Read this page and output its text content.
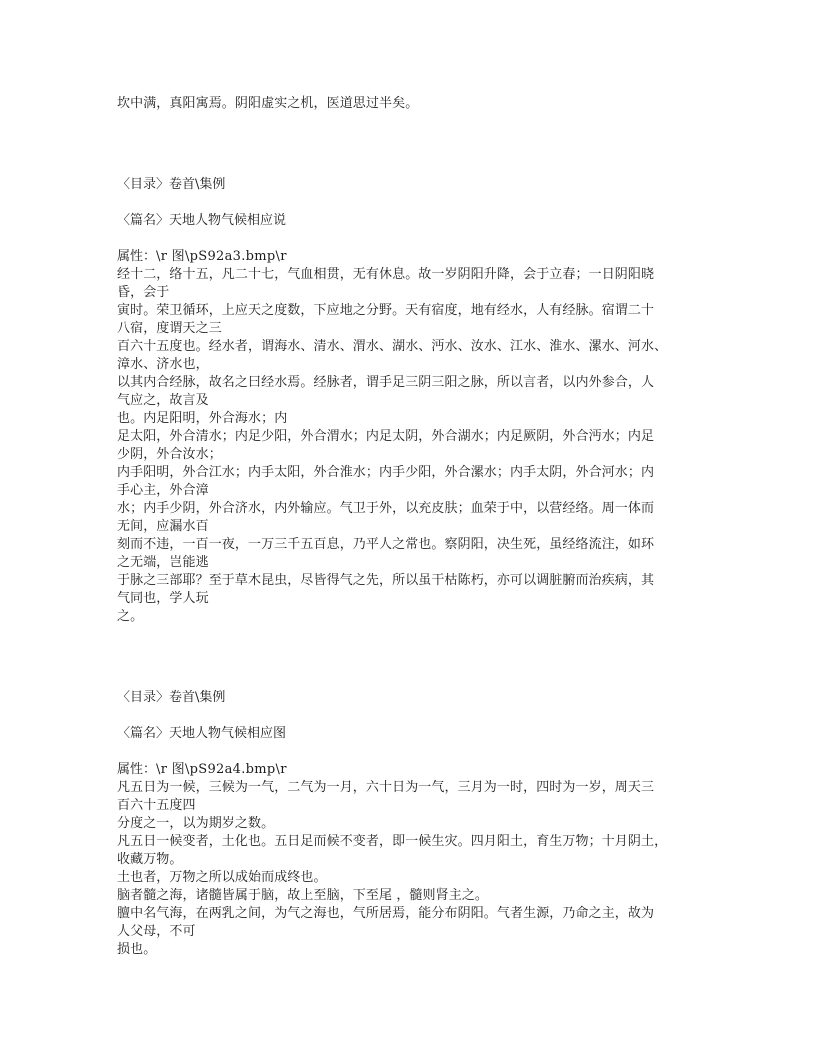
坎中满，真阳寓焉。阴阳虚实之机，医道思过半矣。
〈目录〉卷首\集例
〈篇名〉天地人物气候相应说
属性：\r 图\pS92a3.bmp\r
经十二，络十五，凡二十七，气血相贯，无有休息。故一岁阴阳升降，会于立春；一日阴阳晓
昏，会于
寅时。荣卫循环，上应天之度数，下应地之分野。天有宿度，地有经水，人有经脉。宿谓二十
八宿，度谓天之三
百六十五度也。经水者，谓海水、清水、渭水、湖水、沔水、汝水、江水、淮水、漯水、河水、
漳水、济水也，
以其内合经脉，故名之曰经水焉。经脉者，谓手足三阴三阳之脉，所以言者，以内外参合，人
气应之，故言及
也。内足阳明，外合海水；内
足太阳，外合清水；内足少阳，外合渭水；内足太阴，外合湖水；内足厥阴，外合沔水；内足
少阴，外合汝水；
内手阳明，外合江水；内手太阳，外合淮水；内手少阳，外合漯水；内手太阴，外合河水；内
手心主，外合漳
水；内手少阴，外合济水，内外输应。气卫于外，以充皮肤；血荣于中，以营经络。周一体而
无间，应漏水百
刻而不违，一百一夜，一万三千五百息，乃平人之常也。察阴阳，决生死，虽经络流注，如环
之无端，岂能逃
于脉之三部耶？至于草木昆虫，尽皆得气之先，所以虽干枯陈朽，亦可以调脏腑而治疾病，其
气同也，学人玩
之。
〈目录〉卷首\集例
〈篇名〉天地人物气候相应图
属性：\r 图\pS92a4.bmp\r
凡五日为一候，三候为一气，二气为一月，六十日为一气，三月为一时，四时为一岁，周天三
百六十五度四
分度之一，以为期岁之数。
凡五日一候变者，土化也。五日足而候不变者，即一候生灾。四月阳土，育生万物；十月阴土，
收藏万物。
土也者，万物之所以成始而成终也。
脑者髓之海，诸髓皆属于脑，故上至脑，下至尾 ，髓则肾主之。
膻中名气海，在两乳之间，为气之海也，气所居焉，能分布阴阳。气者生源，乃命之主，故为
人父母，不可
损也。
